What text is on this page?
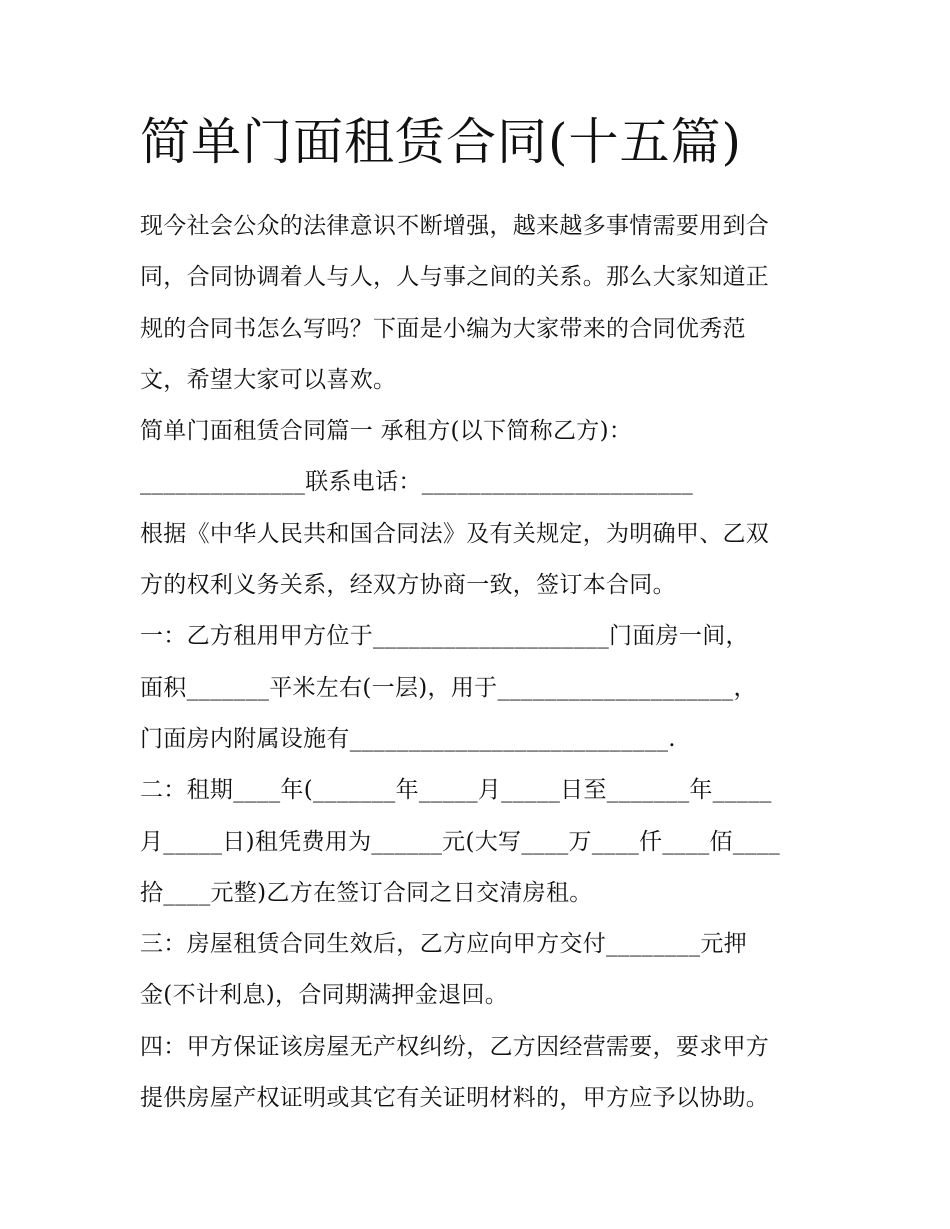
简单门面租赁合同(十五篇)
现今社会公众的法律意识不断增强，越来越多事情需要用到合
同，合同协调着人与人，人与事之间的关系。那么大家知道正
规的合同书怎么写吗？下面是小编为大家带来的合同优秀范
文，希望大家可以喜欢。
简单门面租赁合同篇一 承租方(以下简称乙方)：
______________联系电话：_______________________
根据《中华人民共和国合同法》及有关规定，为明确甲、乙双
方的权利义务关系，经双方协商一致，签订本合同。
一：乙方租用甲方位于____________________门面房一间，
面积_______平米左右(一层)，用于____________________，
门面房内附属设施有___________________________.
二：租期____年(_______年_____月_____日至_______年_____
月_____日)租凭费用为______元(大写____万____仟____佰____
拾____元整)乙方在签订合同之日交清房租。
三：房屋租赁合同生效后，乙方应向甲方交付________元押
金(不计利息)，合同期满押金退回。
四：甲方保证该房屋无产权纠纷，乙方因经营需要，要求甲方
提供房屋产权证明或其它有关证明材料的，甲方应予以协助。
